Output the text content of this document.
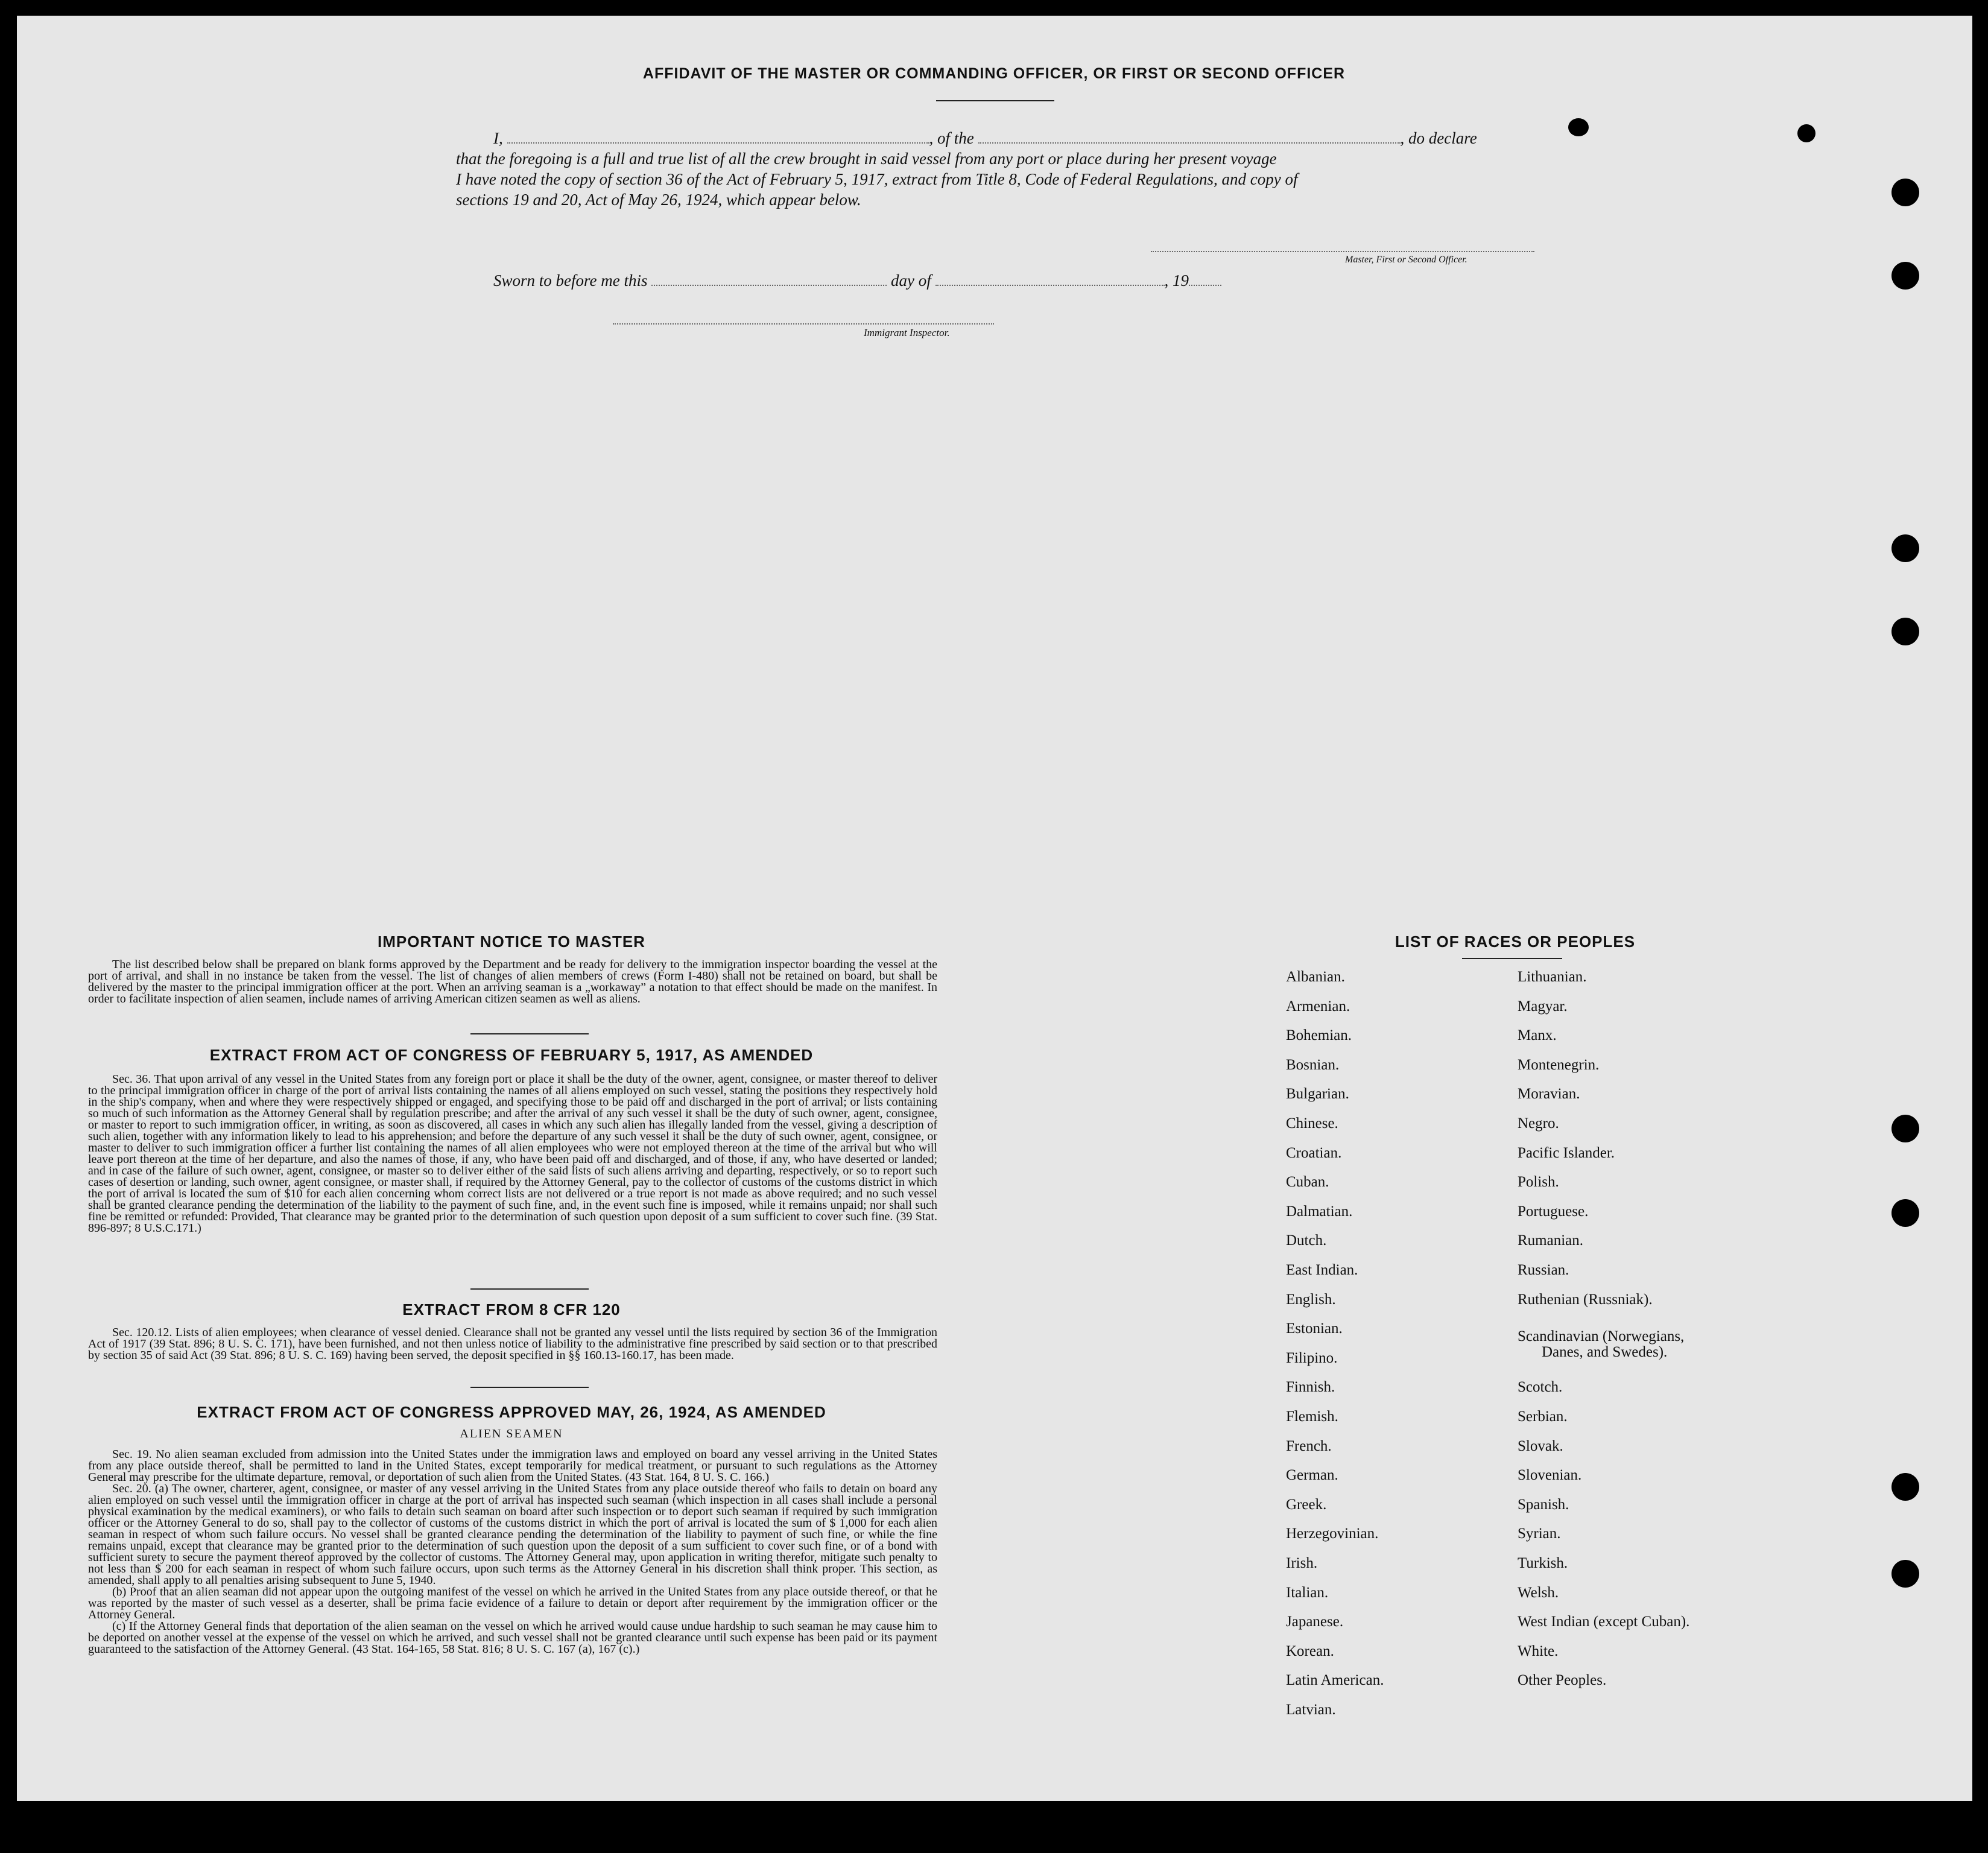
AFFIDAVIT OF THE MASTER OR COMMANDING OFFICER, OR FIRST OR SECOND OFFICER
I,	, of the	, do declare
that the foregoing is a full and true list of all the crew brought in said vessel from any port or place during her present voyage
I have noted the copy of section 36 of the Act of February 5, 1917, extract from Title 8, Code of Federal Regulations, and copy of
sections 19 and 20, Act of May 26, 1924, which appear below.
Master, First or Second Officer.
Sworn to before me this	day of	, 19
Immigrant Inspector.
IMPORTANT NOTICE TO MASTER

The list described below shall be prepared on blank forms approved by the Department and be ready for delivery to the immigration inspector boarding the vessel at the port of arrival, and shall in no instance be taken from the vessel. The list of changes of alien members of crews (Form I-480) shall not be retained on board, but shall be delivered by the master to the principal immigration officer at the port. When an arriving seaman is a „workaway” a notation to that effect should be made on the manifest. In order to facilitate inspection of alien seamen, include names of arriving American citizen seamen as well as aliens.

EXTRACT FROM ACT OF CONGRESS OF FEBRUARY 5, 1917, AS AMENDED

Sec. 36. That upon arrival of any vessel in the United States from any foreign port or place it shall be the duty of the owner, agent, consignee, or master thereof to deliver to the principal immigration officer in charge of the port of arrival lists containing the names of all aliens employed on such vessel, stating the positions they respectively hold in the ship's company, when and where they were respectively shipped or engaged, and specifying those to be paid off and discharged in the port of arrival; or lists containing so much of such information as the Attorney General shall by regulation prescribe; and after the arrival of any such vessel it shall be the duty of such owner, agent, consignee, or master to report to such immigration officer, in writing, as soon as discovered, all cases in which any such alien has illegally landed from the vessel, giving a description of such alien, together with any information likely to lead to his apprehension; and before the departure of any such vessel it shall be the duty of such owner, agent, consignee, or master to deliver to such immigration officer a further list containing the names of all alien employees who were not employed thereon at the time of the arrival but who will leave port thereon at the time of her departure, and also the names of those, if any, who have been paid off and discharged, and of those, if any, who have deserted or landed; and in case of the failure of such owner, agent, consignee, or master so to deliver either of the said lists of such aliens arriving and departing, respectively, or so to report such cases of desertion or landing, such owner, agent consignee, or master shall, if required by the Attorney General, pay to the collector of customs of the customs district in which the port of arrival is located the sum of $10 for each alien concerning whom correct lists are not delivered or a true report is not made as above required; and no such vessel shall be granted clearance pending the determination of the liability to the payment of such fine, and, in the event such fine is imposed, while it remains unpaid; nor shall such fine be remitted or refunded: Provided, That clearance may be granted prior to the determination of such question upon deposit of a sum sufficient to cover such fine. (39 Stat. 896-897; 8 U.S.C.171.)

EXTRACT FROM 8 CFR 120

Sec. 120.12. Lists of alien employees; when clearance of vessel denied. Clearance shall not be granted any vessel until the lists required by section 36 of the Immigration Act of 1917 (39 Stat. 896; 8 U. S. C. 171), have been furnished, and not then unless notice of liability to the administrative fine prescribed by said section or to that prescribed by section 35 of said Act (39 Stat. 896; 8 U. S. C. 169) having been served, the deposit specified in §§ 160.13-160.17, has been made.

EXTRACT FROM ACT OF CONGRESS APPROVED MAY, 26, 1924, AS AMENDED
ALIEN SEAMEN

Sec. 19. No alien seaman excluded from admission into the United States under the immigration laws and employed on board any vessel arriving in the United States from any place outside thereof, shall be permitted to land in the United States, except temporarily for medical treatment, or pursuant to such regulations as the Attorney General may prescribe for the ultimate departure, removal, or deportation of such alien from the United States. (43 Stat. 164, 8 U. S. C. 166.)

Sec. 20. (a) The owner, charterer, agent, consignee, or master of any vessel arriving in the United States from any place outside thereof who fails to detain on board any alien employed on such vessel until the immigration officer in charge at the port of arrival has inspected such seaman (which inspection in all cases shall include a personal physical examination by the medical examiners), or who fails to detain such seaman on board after such inspection or to deport such seaman if required by such immigration officer or the Attorney General to do so, shall pay to the collector of customs of the customs district in which the port of arrival is located the sum of $ 1,000 for each alien seaman in respect of whom such failure occurs. No vessel shall be granted clearance pending the determination of the liability to payment of such fine, or while the fine remains unpaid, except that clearance may be granted prior to the determination of such question upon the deposit of a sum sufficient to cover such fine, or of a bond with sufficient surety to secure the payment thereof approved by the collector of customs. The Attorney General may, upon application in writing therefor, mitigate such penalty to not less than $ 200 for each seaman in respect of whom such failure occurs, upon such terms as the Attorney General in his discretion shall think proper. This section, as amended, shall apply to all penalties arising subsequent to June 5, 1940.

(b) Proof that an alien seaman did not appear upon the outgoing manifest of the vessel on which he arrived in the United States from any place outside thereof, or that he was reported by the master of such vessel as a deserter, shall be prima facie evidence of a failure to detain or deport after requirement by the immigration officer or the Attorney General.

(c) If the Attorney General finds that deportation of the alien seaman on the vessel on which he arrived would cause undue hardship to such seaman he may cause him to be deported on another vessel at the expense of the vessel on which he arrived, and such vessel shall not be granted clearance until such expense has been paid or its payment guaranteed to the satisfaction of the Attorney General. (43 Stat. 164-165, 58 Stat. 816; 8 U. S. C. 167 (a), 167 (c).)

LIST OF RACES OR PEOPLES
Albanian.
Armenian.
Bohemian.
Bosnian.
Bulgarian.
Chinese.
Croatian.
Cuban.
Dalmatian.
Dutch.
East Indian.
English.
Estonian.
Filipino.
Finnish.
Flemish.
French.
German.
Greek.
Herzegovinian.
Irish.
Italian.
Japanese.
Korean.
Latin American.
Latvian.
Lithuanian.
Magyar.
Manx.
Montenegrin.
Moravian.
Negro.
Pacific Islander.
Polish.
Portuguese.
Rumanian.
Russian.
Ruthenian (Russniak).
Scandinavian (Norwegians,
Danes, and Swedes).
Scotch.
Serbian.
Slovak.
Slovenian.
Spanish.
Syrian.
Turkish.
Welsh.
West Indian (except Cuban).
White.
Other Peoples.
